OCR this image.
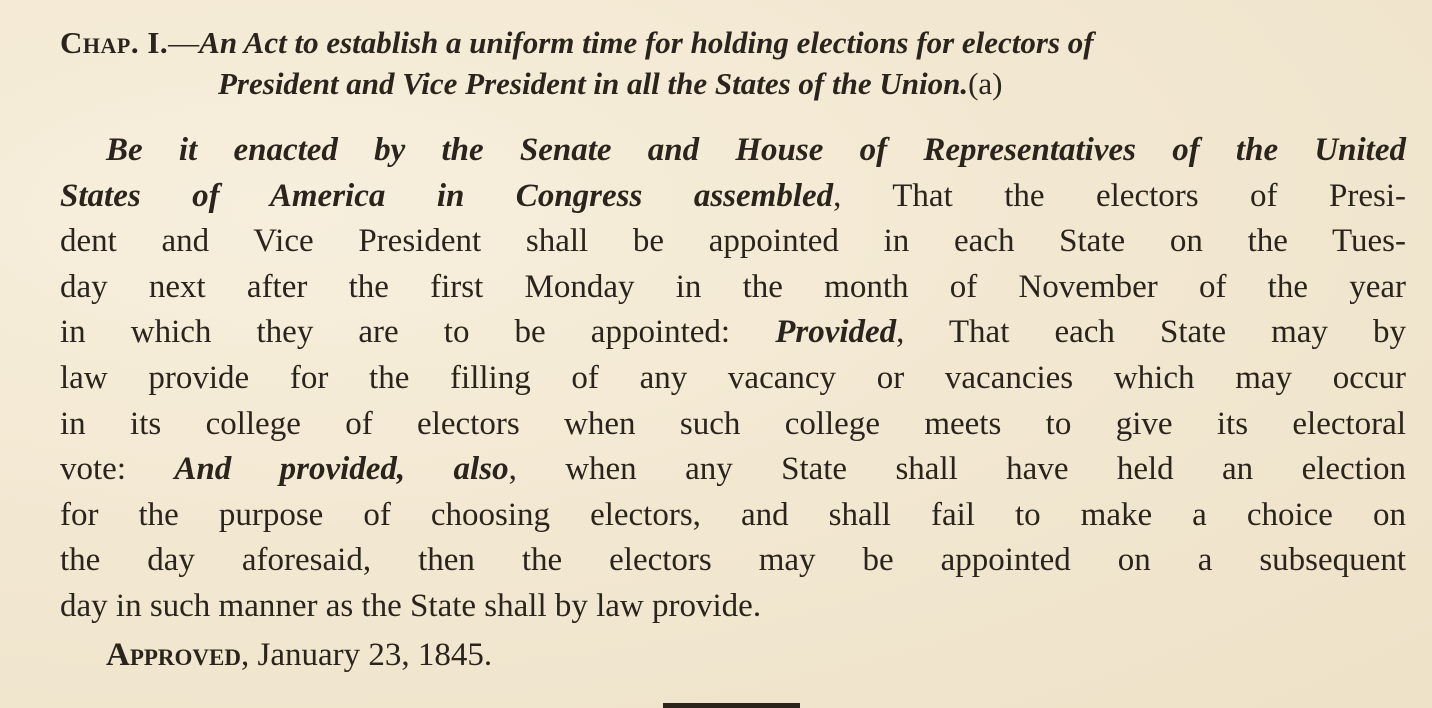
Chap. I.—An Act to establish a uniform time for holding elections for electors of
President and Vice President in all the States of the Union.(a)
Be it enacted by the Senate and House of Representatives of the United
States of America in Congress assembled, That the electors of Presi-
dent and Vice President shall be appointed in each State on the Tues-
day next after the first Monday in the month of November of the year
in which they are to be appointed: Provided, That each State may by
law provide for the filling of any vacancy or vacancies which may occur
in its college of electors when such college meets to give its electoral
vote: And provided, also, when any State shall have held an election
for the purpose of choosing electors, and shall fail to make a choice on
the day aforesaid, then the electors may be appointed on a subsequent
day in such manner as the State shall by law provide.
Approved, January 23, 1845.
